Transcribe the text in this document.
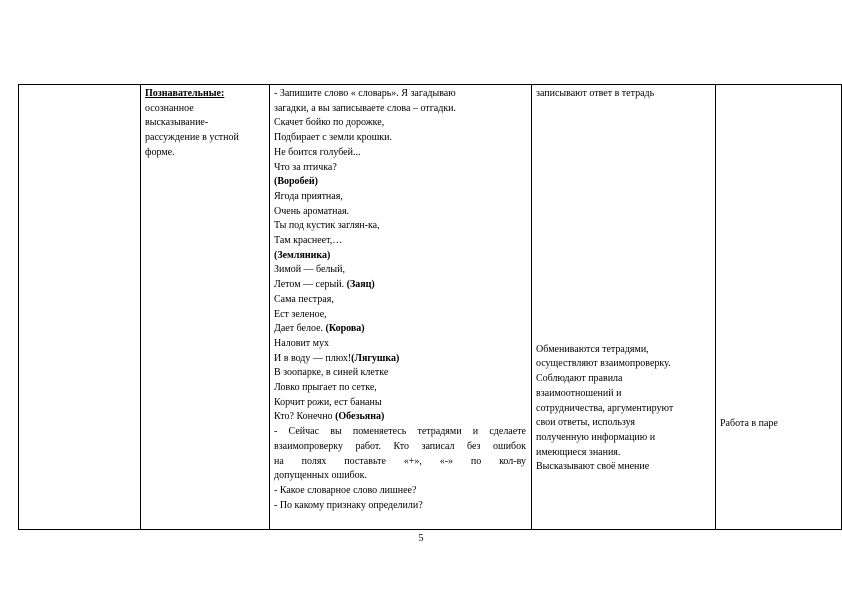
Познавательные:
осознанное
высказывание-
рассуждение в устной
форме.
- Запишите слово « словарь». Я загадываю
загадки, а вы записываете слова – отгадки.
Скачет бойко по дорожке,
Подбирает с земли крошки.
Не боится голубей...
Что за птичка?
(Воробей)
Ягода приятная,
Очень ароматная.
Ты под кустик заглян-ка,
Там краснеет,…
(Земляника)
Зимой — белый,
Летом — серый. (Заяц)
Сама пестрая,
Ест зеленое,
Дает белое. (Корова)
Наловит мух
И в воду — плюх!(Лягушка)
В зоопарке, в синей клетке
Ловко прыгает по сетке,
Корчит рожи, ест бананы
Кто? Конечно (Обезьяна)
- Сейчас вы поменяетесь тетрадями и сделаете
взаимопроверку работ. Кто записал без ошибок
на полях поставьте «+», «-» по кол-ву
допущенных ошибок.
- Какое словарное слово лишнее?
- По какому признаку определили?
записывают ответ в тетрадь
Обмениваются тетрадями,
осуществляют взаимопроверку.
Соблюдают правила
взаимоотношений и
сотрудничества, аргументируют
свои ответы, используя
полученную информацию и
имеющиеся знания.
Высказывают своё мнение
Работа в паре
5
